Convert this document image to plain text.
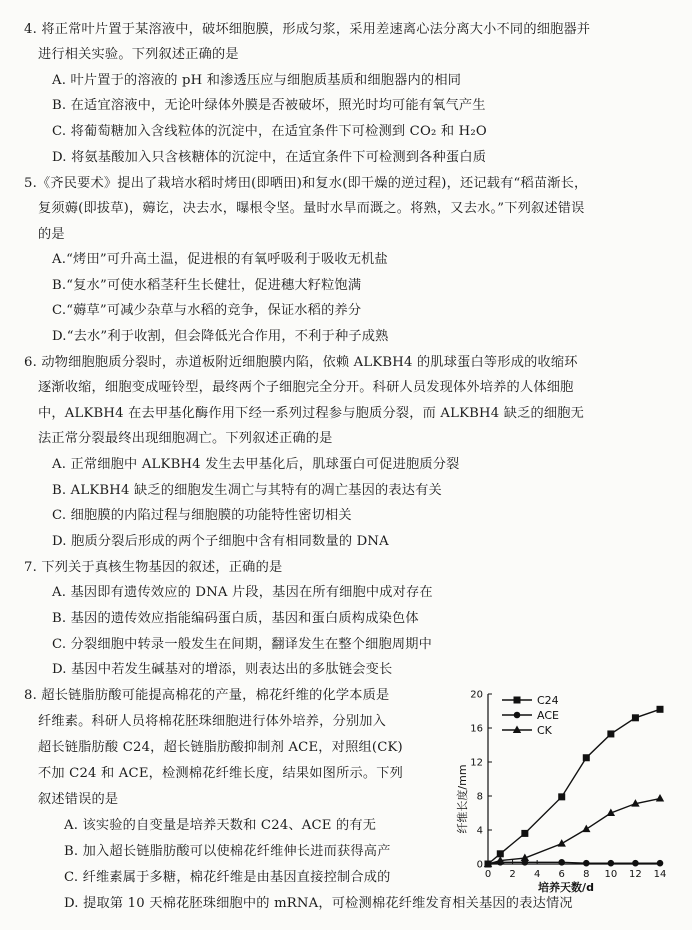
4. 将正常叶片置于某溶液中，破坏细胞膜，形成匀浆，采用差速离心法分离大小不同的细胞器并
进行相关实验。下列叙述正确的是
A. 叶片置于的溶液的 pH 和渗透压应与细胞质基质和细胞器内的相同
B. 在适宜溶液中，无论叶绿体外膜是否被破坏，照光时均可能有氧气产生
C. 将葡萄糖加入含线粒体的沉淀中，在适宜条件下可检测到 CO₂ 和 H₂O
D. 将氨基酸加入只含核糖体的沉淀中，在适宜条件下可检测到各种蛋白质
5.《齐民要术》提出了栽培水稻时烤田(即晒田)和复水(即干燥的逆过程)，还记载有“稻苗渐长，
复须薅(即拔草)，薅讫，决去水，曝根令坚。量时水旱而溉之。将熟，又去水。”下列叙述错误
的是
A.“烤田”可升高土温，促进根的有氧呼吸利于吸收无机盐
B.“复水”可使水稻茎秆生长健壮，促进穗大籽粒饱满
C.“薅草”可减少杂草与水稻的竞争，保证水稻的养分
D.“去水”利于收割，但会降低光合作用，不利于种子成熟
6. 动物细胞胞质分裂时，赤道板附近细胞膜内陷，依赖 ALKBH4 的肌球蛋白等形成的收缩环
逐渐收缩，细胞变成哑铃型，最终两个子细胞完全分开。科研人员发现体外培养的人体细胞
中，ALKBH4 在去甲基化酶作用下经一系列过程参与胞质分裂，而 ALKBH4 缺乏的细胞无
法正常分裂最终出现细胞凋亡。下列叙述正确的是
A. 正常细胞中 ALKBH4 发生去甲基化后，肌球蛋白可促进胞质分裂
B. ALKBH4 缺乏的细胞发生凋亡与其特有的凋亡基因的表达有关
C. 细胞膜的内陷过程与细胞膜的功能特性密切相关
D. 胞质分裂后形成的两个子细胞中含有相同数量的 DNA
7. 下列关于真核生物基因的叙述，正确的是
A. 基因即有遗传效应的 DNA 片段，基因在所有细胞中成对存在
B. 基因的遗传效应指能编码蛋白质，基因和蛋白质构成染色体
C. 分裂细胞中转录一般发生在间期，翻译发生在整个细胞周期中
D. 基因中若发生碱基对的增添，则表达出的多肽链会变长
8. 超长链脂肪酸可能提高棉花的产量，棉花纤维的化学本质是
纤维素。科研人员将棉花胚珠细胞进行体外培养，分别加入
超长链脂肪酸 C24，超长链脂肪酸抑制剂 ACE，对照组(CK)
不加 C24 和 ACE，检测棉花纤维长度，结果如图所示。下列
叙述错误的是
A. 该实验的自变量是培养天数和 C24、ACE 的有无
B. 加入超长链脂肪酸可以使棉花纤维伸长进而获得高产
C. 纤维素属于多糖，棉花纤维是由基因直接控制合成的
D. 提取第 10 天棉花胚珠细胞中的 mRNA，可检测棉花纤维发育相关基因的表达情况
0
4
8
12
16
20
0 2 4 6 8 10 12 14
培养天数/d
纤维长度/mm
C24
ACE
CK
